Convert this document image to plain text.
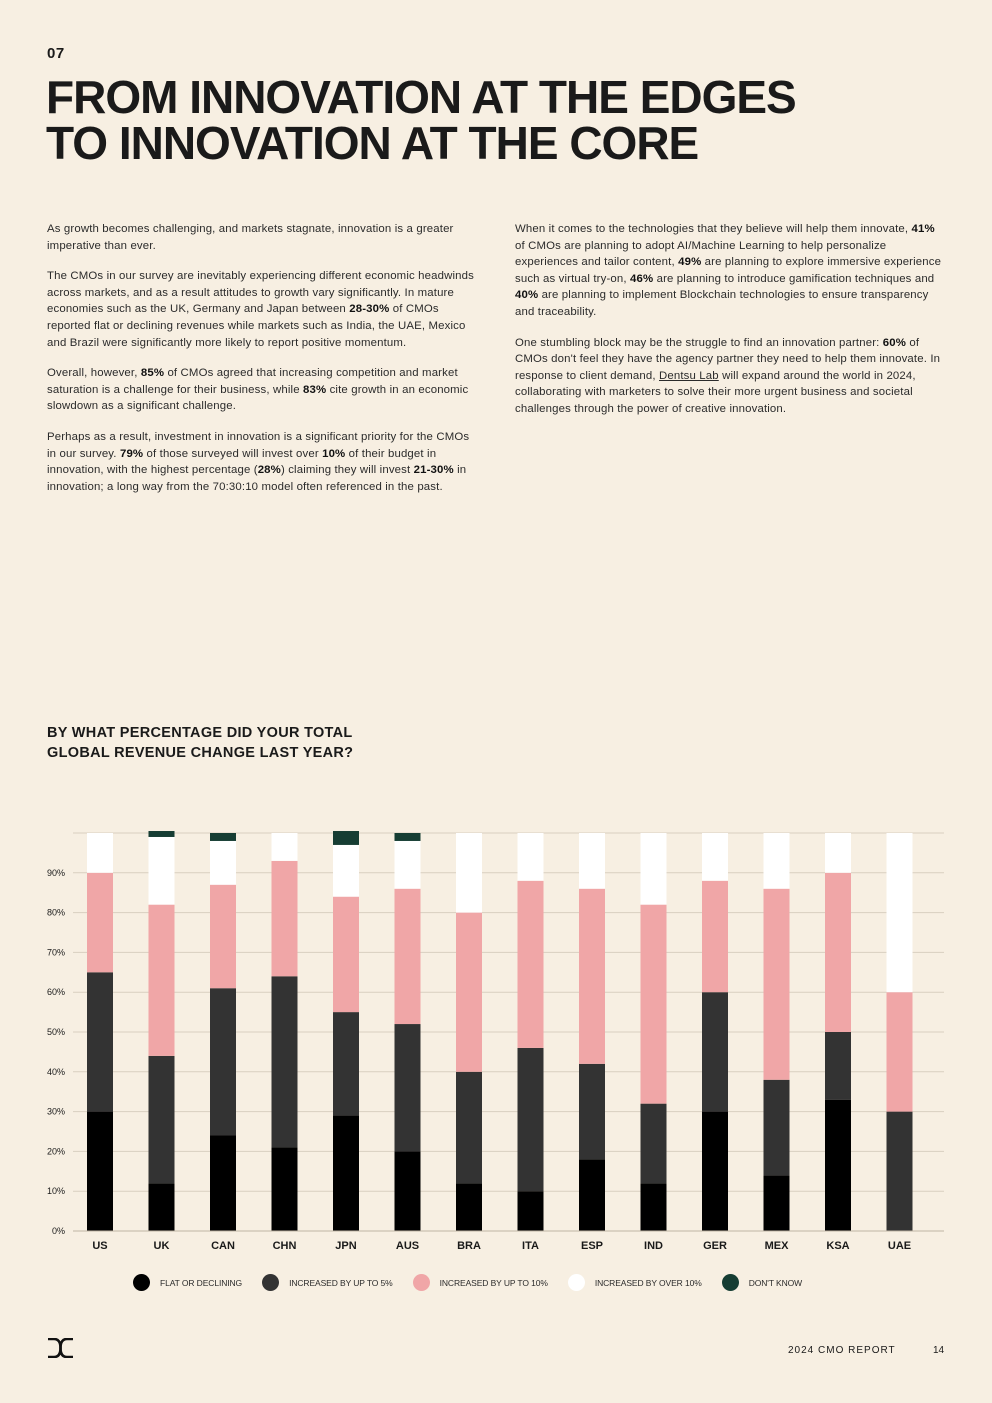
07
FROM INNOVATION AT THE EDGES
TO INNOVATION AT THE CORE

As growth becomes challenging, and markets stagnate, innovation is a greater imperative than ever.

The CMOs in our survey are inevitably experiencing different economic headwinds across markets, and as a result attitudes to growth vary significantly. In mature economies such as the UK, Germany and Japan between 28-30% of CMOs reported flat or declining revenues while markets such as India, the UAE, Mexico and Brazil were significantly more likely to report positive momentum.

Overall, however, 85% of CMOs agreed that increasing competition and market saturation is a challenge for their business, while 83% cite growth in an economic slowdown as a significant challenge.

Perhaps as a result, investment in innovation is a significant priority for the CMOs in our survey. 79% of those surveyed will invest over 10% of their budget in innovation, with the highest percentage (28%) claiming they will invest 21-30% in innovation; a long way from the 70:30:10 model often referenced in the past.

When it comes to the technologies that they believe will help them innovate, 41% of CMOs are planning to adopt AI/Machine Learning to help personalize experiences and tailor content, 49% are planning to explore immersive experience such as virtual try-on, 46% are planning to introduce gamification techniques and 40% are planning to implement Blockchain technologies to ensure transparency and traceability.

One stumbling block may be the struggle to find an innovation partner: 60% of CMOs don't feel they have the agency partner they need to help them innovate. In response to client demand, Dentsu Lab will expand around the world in 2024, collaborating with marketers to solve their more urgent business and societal challenges through the power of creative innovation.

BY WHAT PERCENTAGE DID YOUR TOTAL
GLOBAL REVENUE CHANGE LAST YEAR?
0%
10%
20%
30%
40%
50%
60%
70%
80%
90%
US	UK	CAN	CHN	JPN	AUS	BRA	ITA	ESP	IND	GER	MEX	KSA	UAE
FLAT OR DECLINING	INCREASED BY UP TO 5%	INCREASED BY UP TO 10%	INCREASED BY OVER 10%	DON'T KNOW
2024 CMO REPORT	14
